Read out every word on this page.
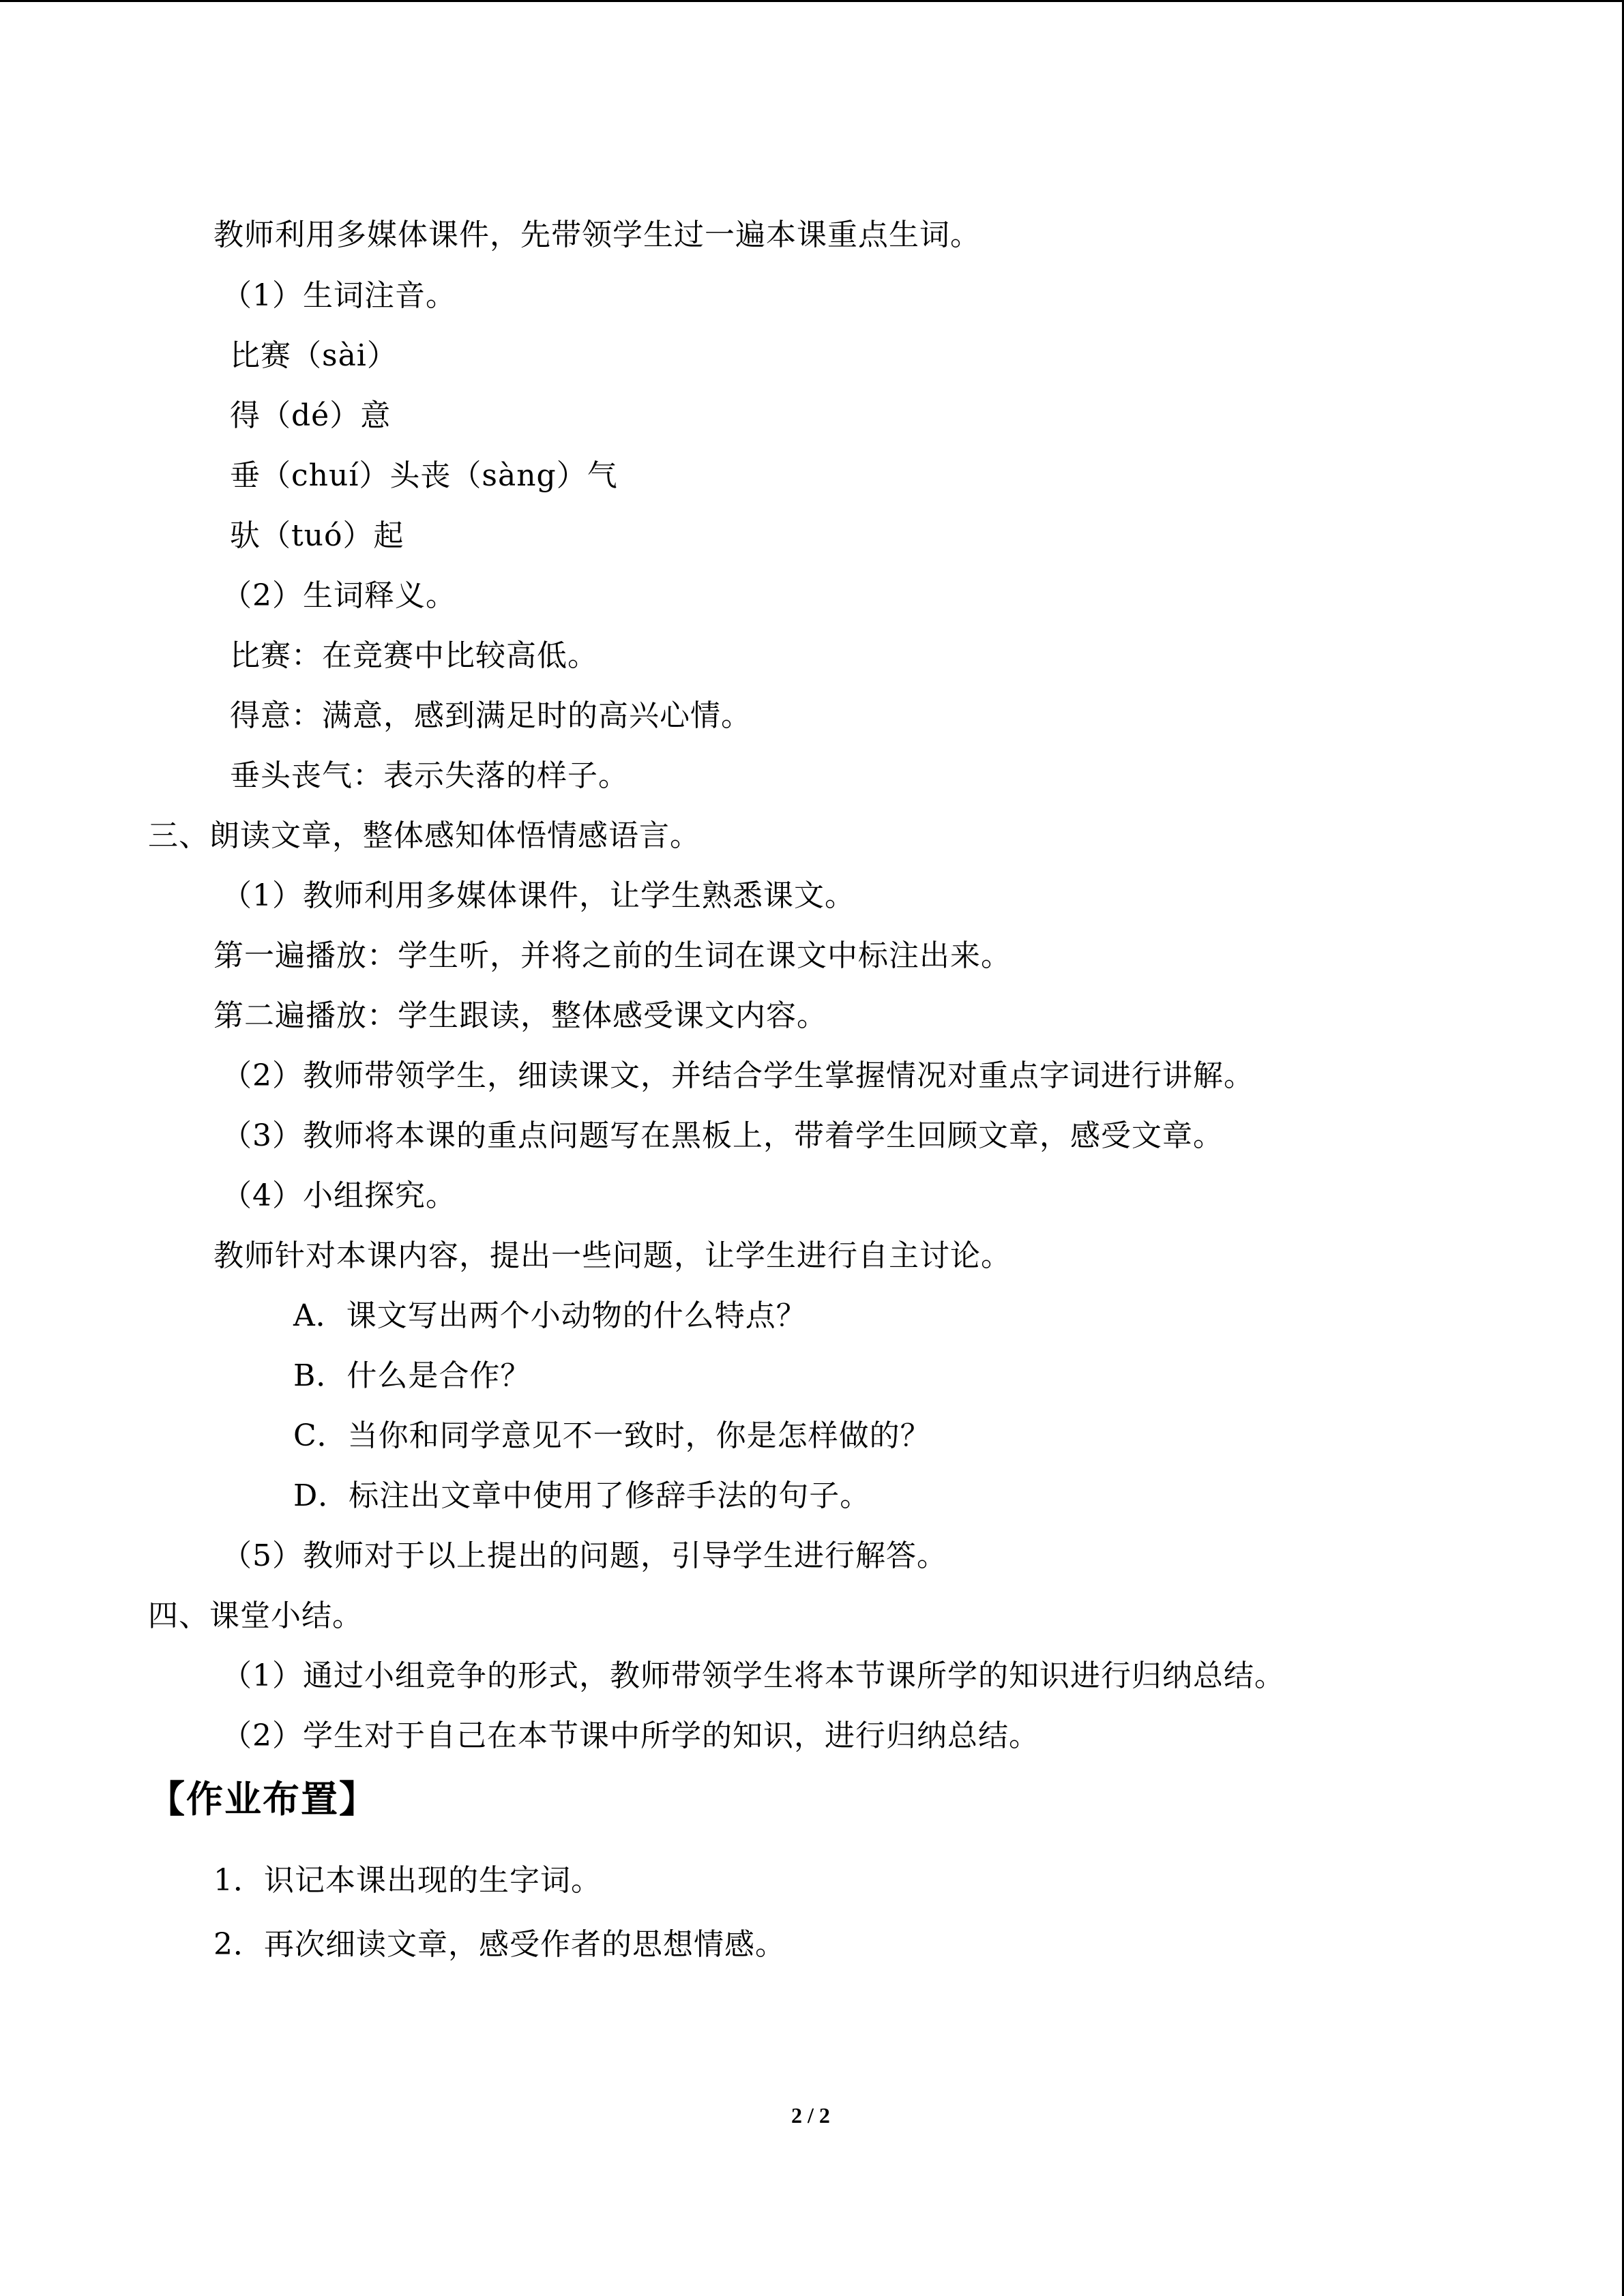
教师利用多媒体课件，先带领学生过一遍本课重点生词。
（1）生词注音。
比赛（sài）
得（dé）意
垂（chuí）头丧（sàng）气
驮（tuó）起
（2）生词释义。
比赛：在竞赛中比较高低。
得意：满意，感到满足时的高兴心情。
垂头丧气：表示失落的样子。
三、朗读文章，整体感知体悟情感语言。
（1）教师利用多媒体课件，让学生熟悉课文。
第一遍播放：学生听，并将之前的生词在课文中标注出来。
第二遍播放：学生跟读，整体感受课文内容。
（2）教师带领学生，细读课文，并结合学生掌握情况对重点字词进行讲解。
（3）教师将本课的重点问题写在黑板上，带着学生回顾文章，感受文章。
（4）小组探究。
教师针对本课内容，提出一些问题，让学生进行自主讨论。
A．课文写出两个小动物的什么特点？
B．什么是合作？
C．当你和同学意见不一致时，你是怎样做的？
D．标注出文章中使用了修辞手法的句子。
（5）教师对于以上提出的问题，引导学生进行解答。
四、课堂小结。
（1）通过小组竞争的形式，教师带领学生将本节课所学的知识进行归纳总结。
（2）学生对于自己在本节课中所学的知识，进行归纳总结。
【作业布置】
1．识记本课出现的生字词。
2．再次细读文章，感受作者的思想情感。
2 / 2
